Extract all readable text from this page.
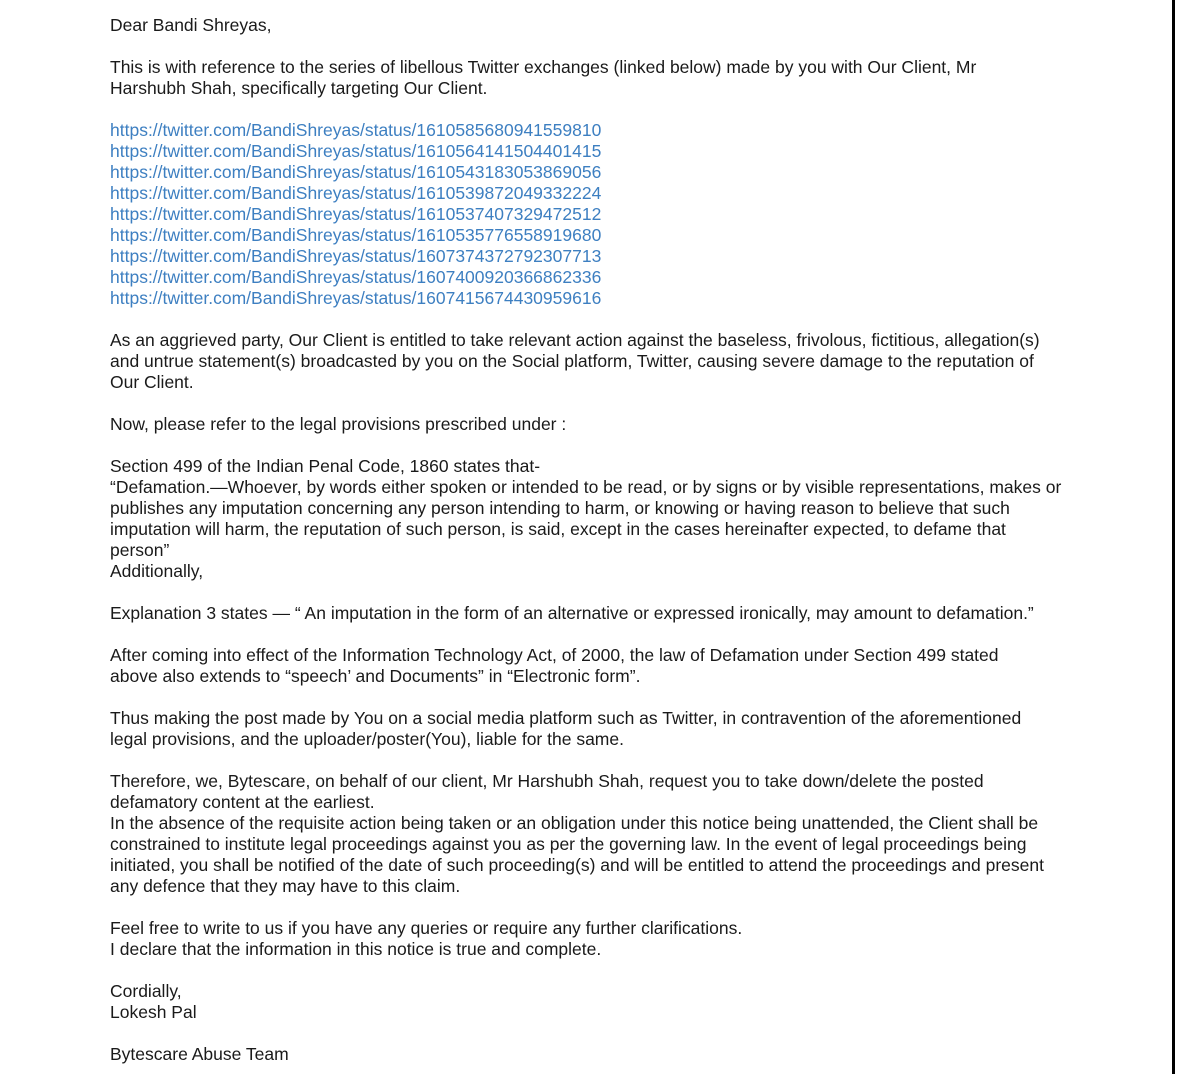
Dear Bandi Shreyas,
This is with reference to the series of libellous Twitter exchanges (linked below) made by you with Our Client, Mr
Harshubh Shah, specifically targeting Our Client.
https://twitter.com/BandiShreyas/status/1610585680941559810
https://twitter.com/BandiShreyas/status/1610564141504401415
https://twitter.com/BandiShreyas/status/1610543183053869056
https://twitter.com/BandiShreyas/status/1610539872049332224
https://twitter.com/BandiShreyas/status/1610537407329472512
https://twitter.com/BandiShreyas/status/1610535776558919680
https://twitter.com/BandiShreyas/status/1607374372792307713
https://twitter.com/BandiShreyas/status/1607400920366862336
https://twitter.com/BandiShreyas/status/1607415674430959616
As an aggrieved party, Our Client is entitled to take relevant action against the baseless, frivolous, fictitious, allegation(s)
and untrue statement(s) broadcasted by you on the Social platform, Twitter, causing severe damage to the reputation of
Our Client.
Now, please refer to the legal provisions prescribed under :
Section 499 of the Indian Penal Code, 1860 states that-
“Defamation.—Whoever, by words either spoken or intended to be read, or by signs or by visible representations, makes or
publishes any imputation concerning any person intending to harm, or knowing or having reason to believe that such
imputation will harm, the reputation of such person, is said, except in the cases hereinafter expected, to defame that
person”
Additionally,
Explanation 3 states — “ An imputation in the form of an alternative or expressed ironically, may amount to defamation.”
After coming into effect of the Information Technology Act, of 2000, the law of Defamation under Section 499 stated
above also extends to “speech’ and Documents” in “Electronic form”.
Thus making the post made by You on a social media platform such as Twitter, in contravention of the aforementioned
legal provisions, and the uploader/poster(You), liable for the same.
Therefore, we, Bytescare, on behalf of our client, Mr Harshubh Shah, request you to take down/delete the posted
defamatory content at the earliest.
In the absence of the requisite action being taken or an obligation under this notice being unattended, the Client shall be
constrained to institute legal proceedings against you as per the governing law. In the event of legal proceedings being
initiated, you shall be notified of the date of such proceeding(s) and will be entitled to attend the proceedings and present
any defence that they may have to this claim.
Feel free to write to us if you have any queries or require any further clarifications.
I declare that the information in this notice is true and complete.
Cordially,
Lokesh Pal
Bytescare Abuse Team
